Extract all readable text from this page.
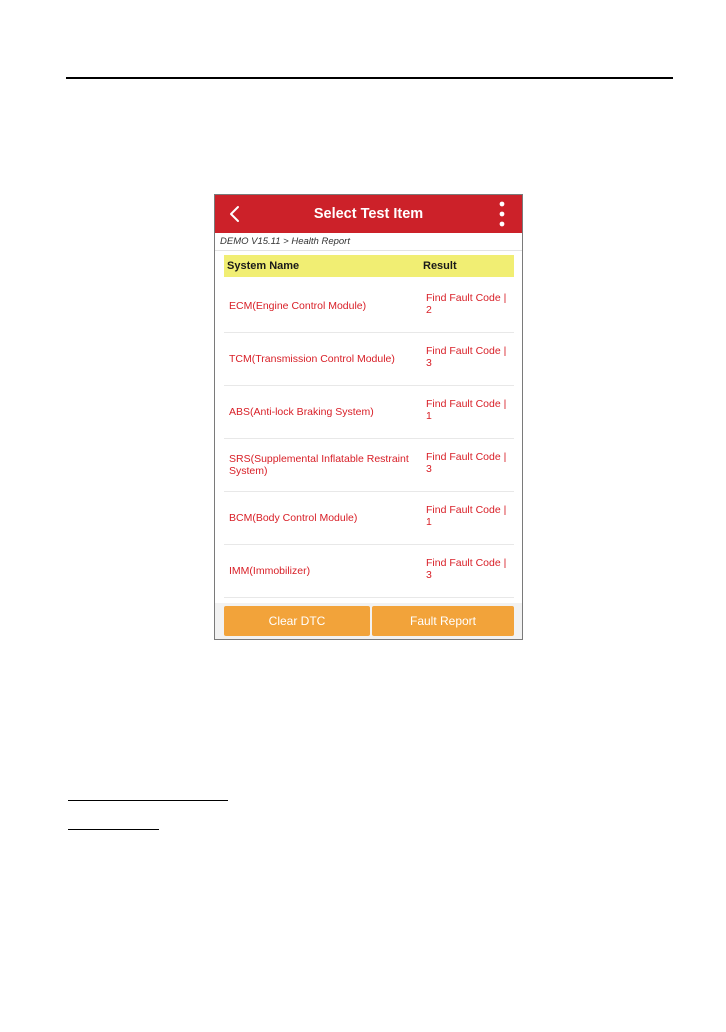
Select Test Item
DEMO V15.11 > Health Report
System Name	Result
ECM(Engine Control Module)
Find Fault Code | 2
TCM(Transmission Control Module)
Find Fault Code | 3
ABS(Anti-lock Braking System)
Find Fault Code | 1
SRS(Supplemental Inflatable Restraint System)
Find Fault Code | 3
BCM(Body Control Module)
Find Fault Code | 1
IMM(Immobilizer)
Find Fault Code | 3
Clear DTC	Fault Report
